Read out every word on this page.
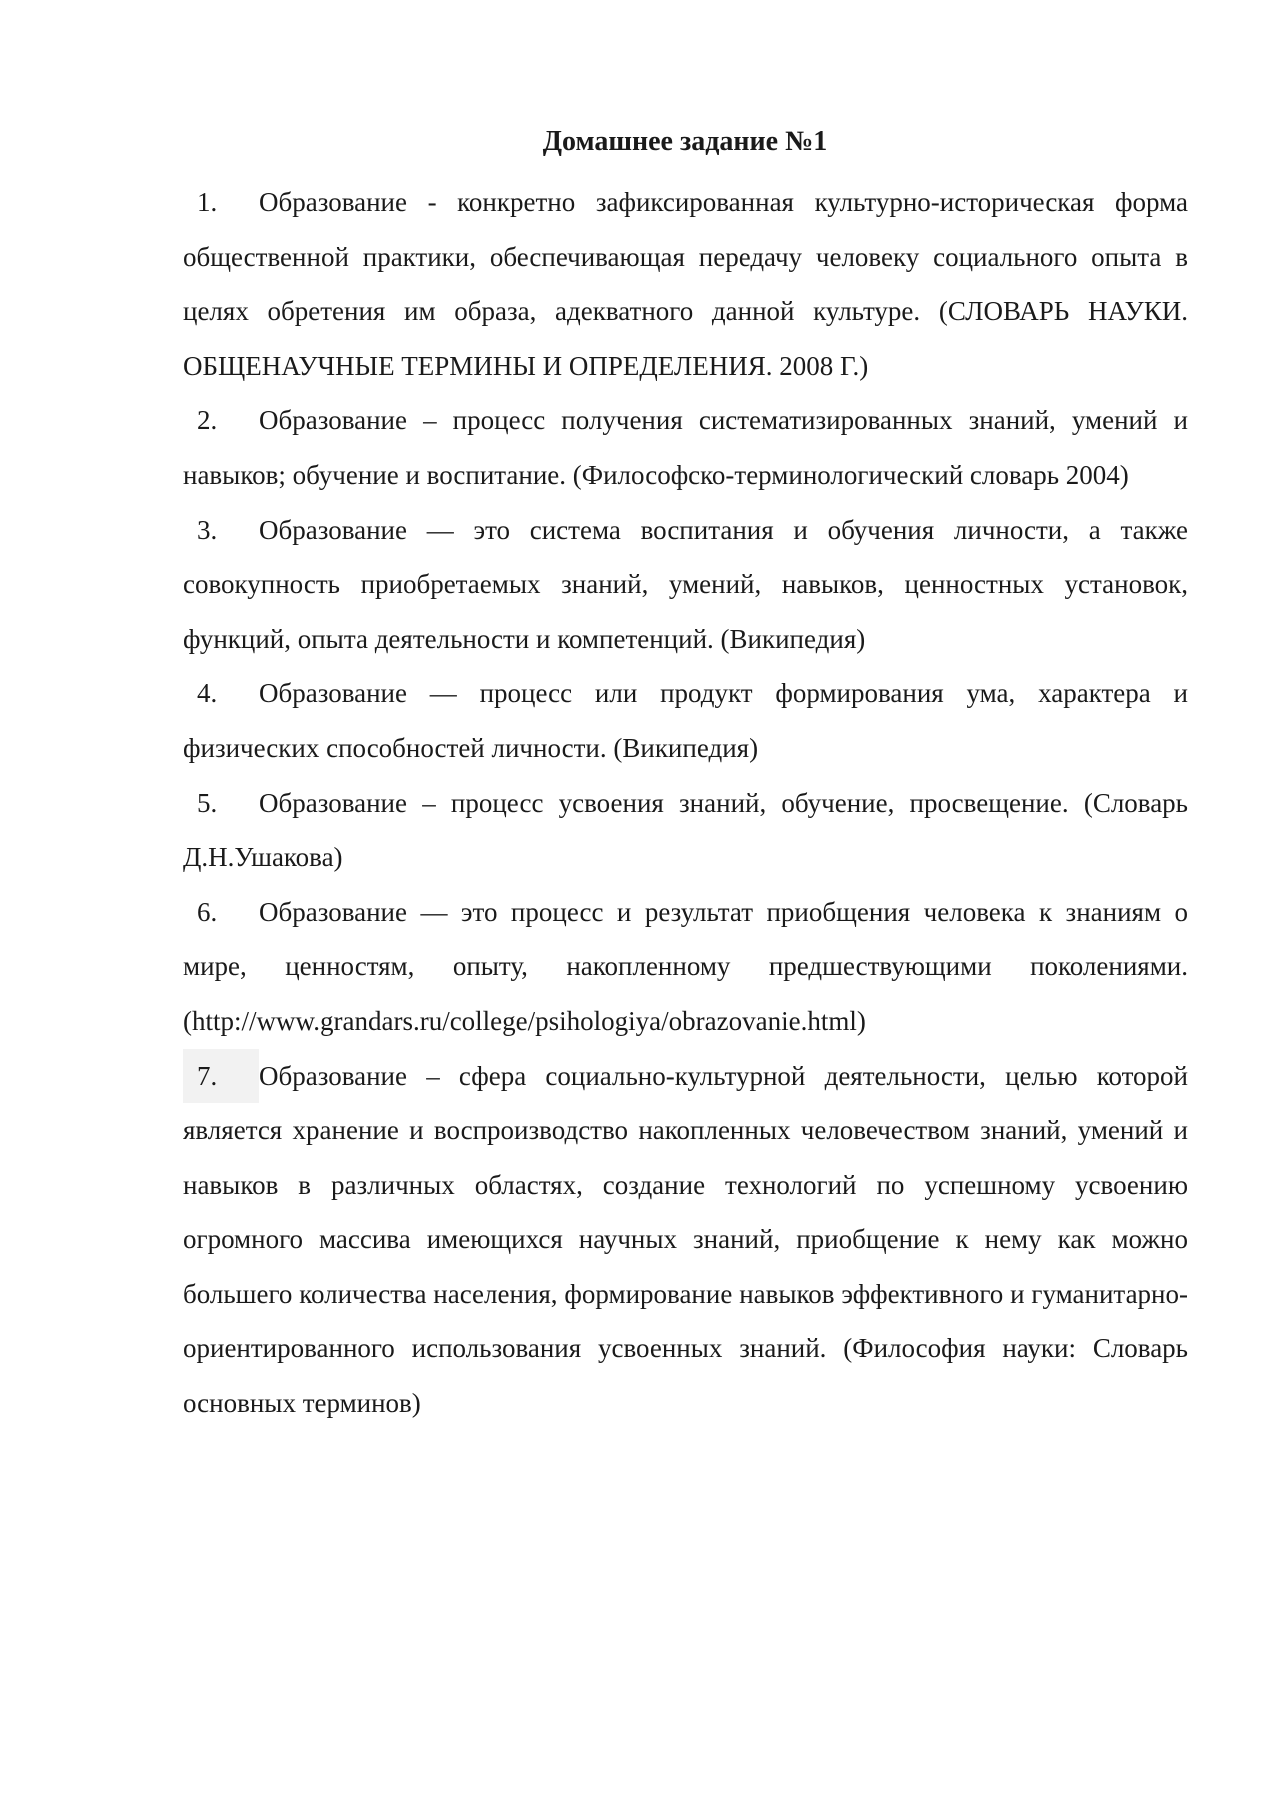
Домашнее задание №1

1. Образование - конкретно зафиксированная культурно-историческая форма общественной практики, обеспечивающая передачу человеку социального опыта в целях обретения им образа, адекватного данной культуре. (СЛОВАРЬ НАУКИ. ОБЩЕНАУЧНЫЕ ТЕРМИНЫ И ОПРЕДЕЛЕНИЯ. 2008 Г.)

2. Образование – процесс получения систематизированных знаний, умений и навыков; обучение и воспитание. (Философско-терминологический словарь 2004)

3. Образование — это система воспитания и обучения личности, а также совокупность приобретаемых знаний, умений, навыков, ценностных установок, функций, опыта деятельности и компетенций. (Википедия)

4. Образование — процесс или продукт формирования ума, характера и физических способностей личности. (Википедия)

5. Образование – процесс усвоения знаний, обучение, просвещение. (Словарь Д.Н.Ушакова)

6. Образование — это процесс и результат приобщения человека к знаниям о мире, ценностям, опыту, накопленному предшествующими поколениями. (http://www.grandars.ru/college/psihologiya/obrazovanie.html)

7. Образование – сфера социально-культурной деятельности, целью которой является хранение и воспроизводство накопленных человечеством знаний, умений и навыков в различных областях, создание технологий по успешному усвоению огромного массива имеющихся научных знаний, приобщение к нему как можно большего количества населения, формирование навыков эффективного и гуманитарно-ориентированного использования усвоенных знаний. (Философия науки: Словарь основных терминов)
